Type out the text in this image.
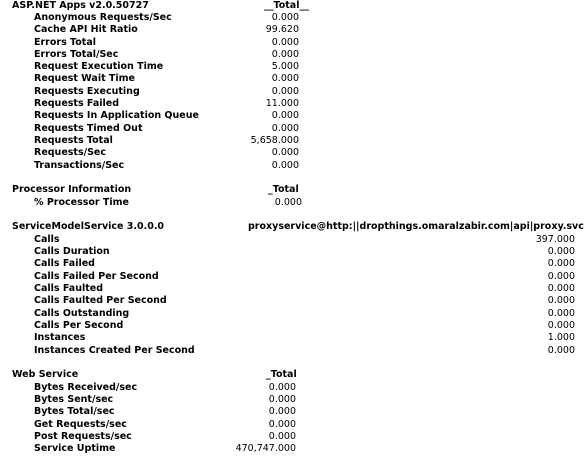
ASP.NET Apps v2.0.50727	__Total__
Anonymous Requests/Sec	0.000
Cache API Hit Ratio	99.620
Errors Total	0.000
Errors Total/Sec	0.000
Request Execution Time	5.000
Request Wait Time	0.000
Requests Executing	0.000
Requests Failed	11.000
Requests In Application Queue	0.000
Requests Timed Out	0.000
Requests Total	5,658.000
Requests/Sec	0.000
Transactions/Sec	0.000
Processor Information	_Total
% Processor Time	0.000
ServiceModelService 3.0.0.0	proxyservice@http:||dropthings.omaralzabir.com|api|proxy.svc
Calls	397.000
Calls Duration	0.000
Calls Failed	0.000
Calls Failed Per Second	0.000
Calls Faulted	0.000
Calls Faulted Per Second	0.000
Calls Outstanding	0.000
Calls Per Second	0.000
Instances	1.000
Instances Created Per Second	0.000
Web Service	_Total
Bytes Received/sec	0.000
Bytes Sent/sec	0.000
Bytes Total/sec	0.000
Get Requests/sec	0.000
Post Requests/sec	0.000
Service Uptime	470,747.000
